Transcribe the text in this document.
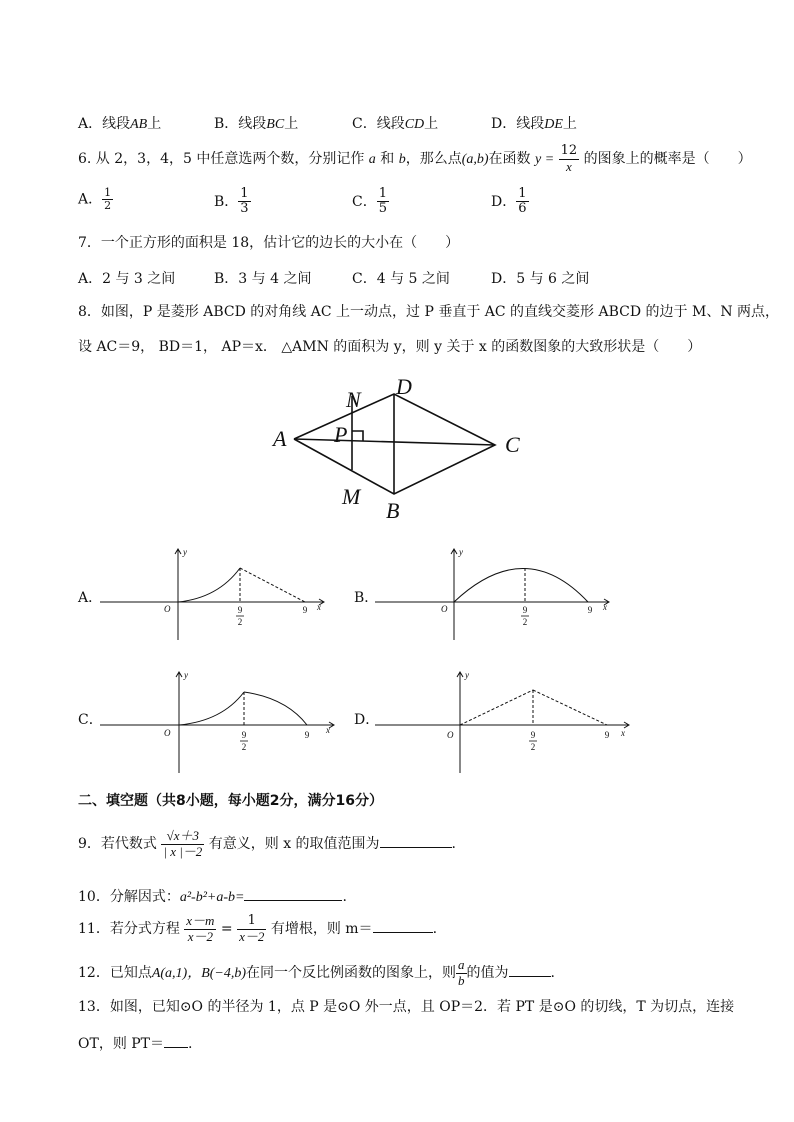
A．线段AB上	B．线段BC上	C．线段CD上	D．线段DE上
6. 从 2，3，4，5 中任意选两个数，分别记作 a 和 b，那么点(a,b)在函数 $y = \frac{12}{x}$ 的图象上的概率是（　　）
A． $\frac{1}{2}$	B． $\frac{1}{3}$	C． $\frac{1}{5}$	D． $\frac{1}{6}$
7．一个正方形的面积是 18，估计它的边长的大小在（　　）
A．2 与 3 之间	B．3 与 4 之间	C．4 与 5 之间	D．5 与 6 之间
8．如图，P 是菱形 ABCD 的对角线 AC 上一动点，过 P 垂直于 AC 的直线交菱形 ABCD 的边于 M、N 两点，
设 AC＝9， BD＝1， AP＝x． △AMN 的面积为 y，则 y 关于 x 的函数图象的大致形状是（　　）
A
D
N
P	C
M
B
A．	B．
C．	D．
y
x
O	9
2
9
y
x
O	9
2
9
y
x
O	9
2
9
y
x
O	9
2
9
二、填空题（共8小题，每小题2分，满分16分）
9．若代数式 $\frac{√x+3}{| x |-2}$ 有意义，则 x 的取值范围为	.
10．分解因式：a²-b²+a-b=	.
11．若分式方程 $\frac{x-m}{x-2} = \frac{1}{x-2}$ 有增根，则 m＝	.
12．已知点A(a,1)，B(−4,b)在同一个反比例函数的图象上，则 $\frac{a}{b}$ 的值为	.
13．如图，已知⊙O 的半径为 1，点 P 是⊙O 外一点，且 OP＝2．若 PT 是⊙O 的切线，T 为切点，连接
OT，则 PT＝ .
